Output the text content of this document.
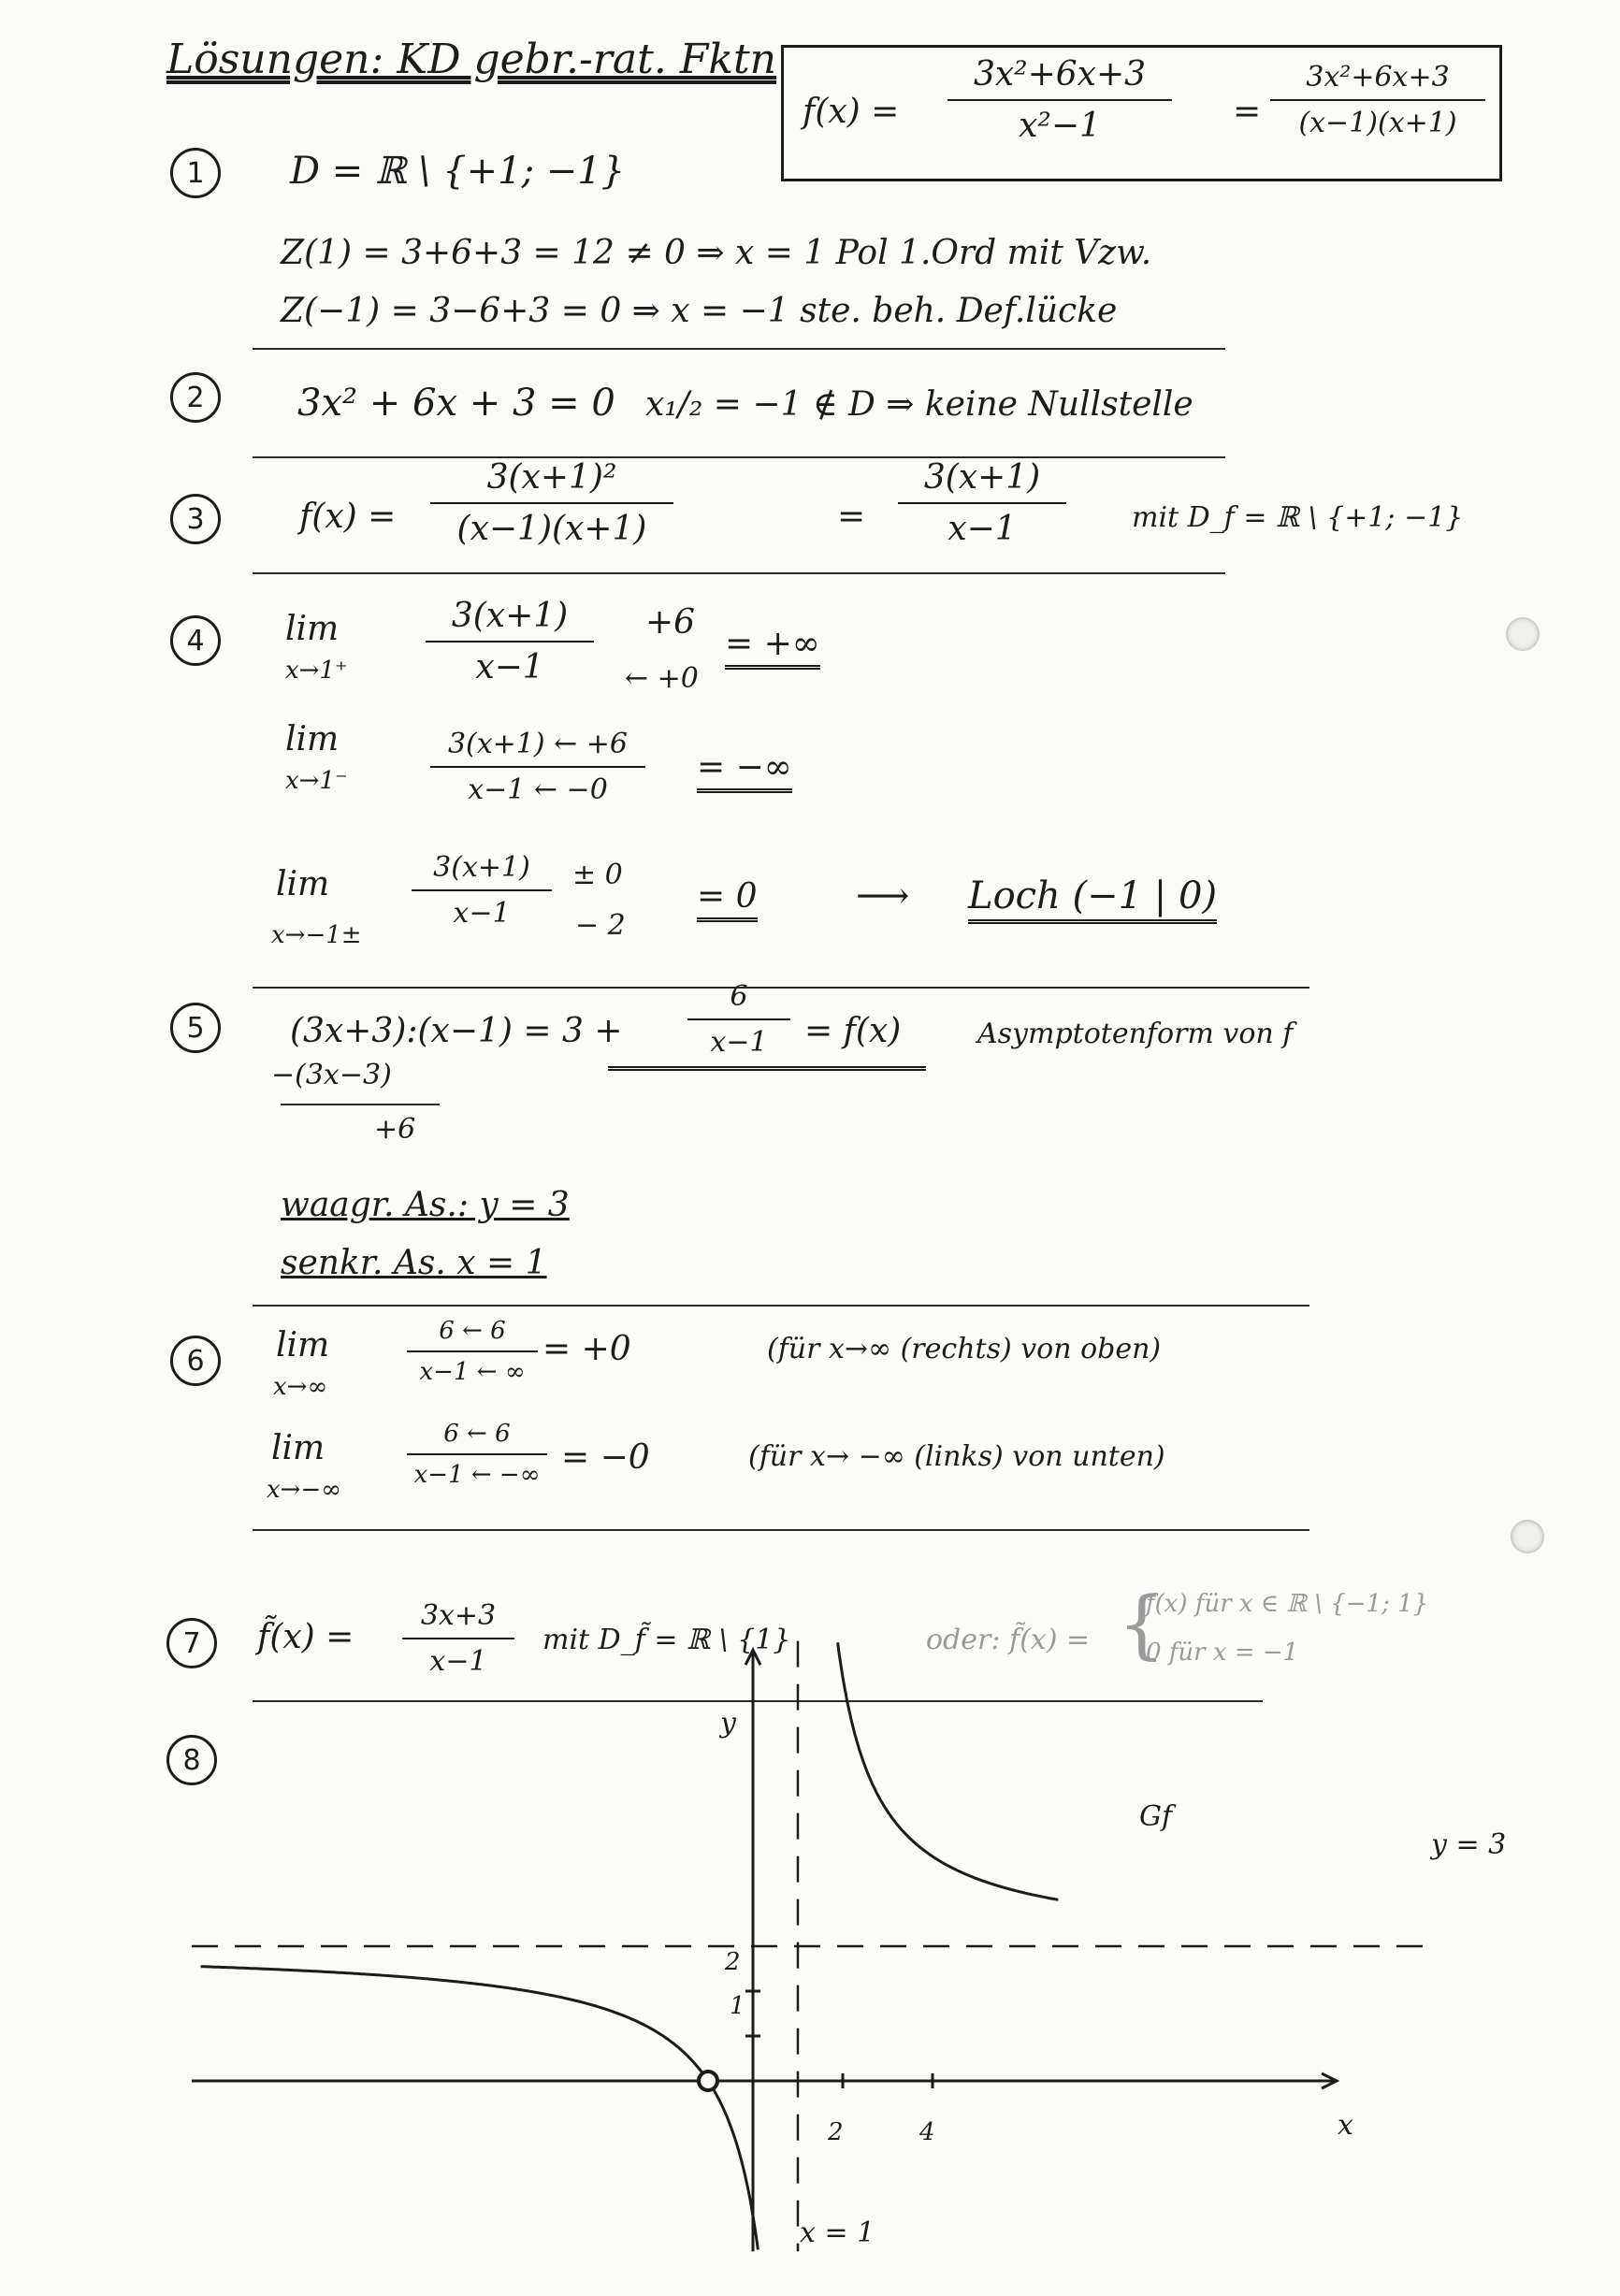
Lösungen: KD gebr.-rat. Fktn
f(x) =
3x²+6x+3
x²−1	=
3x²+6x+3
(x−1)(x+1)
1	D = ℝ \ {+1; −1}
Z(1) = 3+6+3 = 12 ≠ 0 ⇒ x = 1 Pol 1.Ord mit Vzw.
Z(−1) = 3−6+3 = 0 ⇒ x = −1 ste. beh. Def.lücke
2	3x² + 6x + 3 = 0 x₁/₂ = −1 ∉ D ⇒ keine Nullstelle
3	f(x) =
3(x+1)²
(x−1)(x+1)	=
3(x+1)
x−1	mit D_f = ℝ \ {+1; −1}
4	lim
x→1⁺
3(x+1)
x−1
+6
← +0
= +∞
lim
x→1⁻
3(x+1) ← +6
x−1 ← −0
= −∞
lim
x→−1±
3(x+1)
x−1
± 0
− 2
= 0	⟶ Loch (−1 | 0)
5	(3x+3):(x−1) = 3 +
6
x−1	= f(x)	Asymptotenform von f
−(3x−3)
+6
waagr. As.: y = 3
senkr. As. x = 1
6	lim
x→∞
6 ← 6
x−1 ← ∞
= +0	(für x→∞ (rechts) von oben)
lim
x→−∞
6 ← 6
x−1 ← −∞ = −0	(für x→ −∞ (links) von unten)
7	f̃(x) =
3x+3
x−1
mit D_f̃ = ℝ \ {1}	oder: f̃(x) = {
f(x) für x ∈ ℝ \ {−1; 1}
0 für x = −1
8
y
x
2	4
1
2
Gf
y = 3
x = 1
